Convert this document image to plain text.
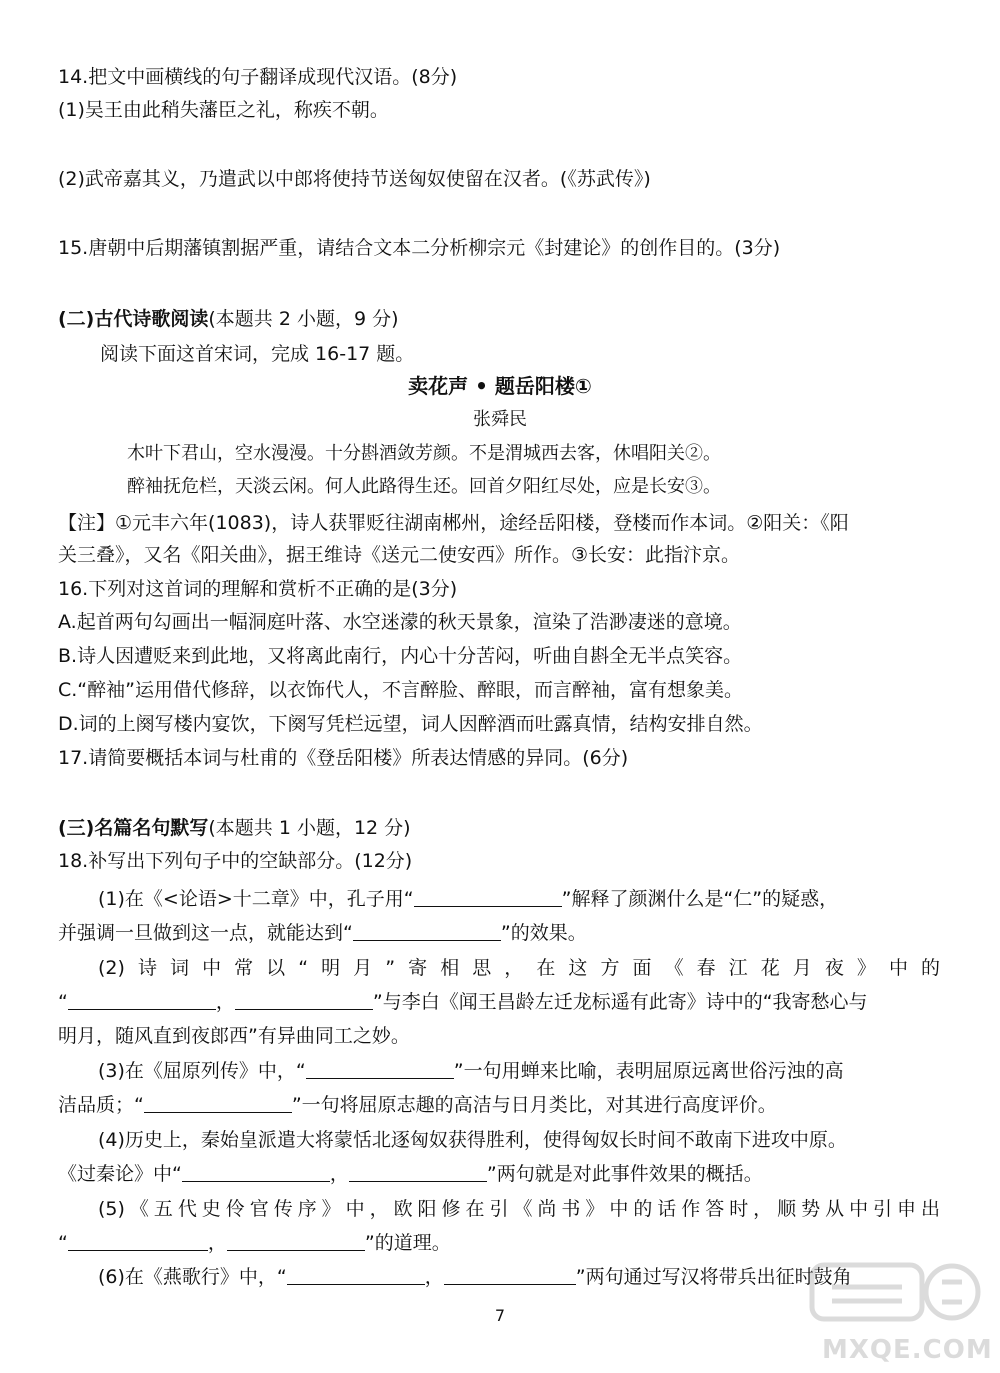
14.把文中画横线的句子翻译成现代汉语。(8分)
(1)吴王由此稍失藩臣之礼，称疾不朝。
(2)武帝嘉其义，乃遣武以中郎将使持节送匈奴使留在汉者。(《苏武传》)
15.唐朝中后期藩镇割据严重，请结合文本二分析柳宗元《封建论》的创作目的。(3分)
(二)古代诗歌阅读(本题共 2 小题，9 分)
阅读下面这首宋词，完成 16-17 题。
卖花声 • 题岳阳楼①
张舜民
木叶下君山，空水漫漫。十分斟酒敛芳颜。不是渭城西去客，休唱阳关②。
醉袖抚危栏，天淡云闲。何人此路得生还。回首夕阳红尽处，应是长安③。
【注】①元丰六年(1083)，诗人获罪贬往湖南郴州，途经岳阳楼，登楼而作本词。②阳关：《阳
关三叠》，又名《阳关曲》，据王维诗《送元二使安西》所作。③长安：此指汴京。
16.下列对这首词的理解和赏析不正确的是(3分)
A.起首两句勾画出一幅洞庭叶落、水空迷濛的秋天景象，渲染了浩渺凄迷的意境。
B.诗人因遭贬来到此地，又将离此南行，内心十分苦闷，听曲自斟全无半点笑容。
C.“醉袖”运用借代修辞，以衣饰代人，不言醉脸、醉眼，而言醉袖，富有想象美。
D.词的上阕写楼内宴饮，下阕写凭栏远望，词人因醉酒而吐露真情，结构安排自然。
17.请简要概括本词与杜甫的《登岳阳楼》所表达情感的异同。(6分)
(三)名篇名句默写(本题共 1 小题，12 分)
18.补写出下列句子中的空缺部分。(12分)
(1)在《<论语>十二章》中，孔子用“	”解释了颜渊什么是“仁”的疑惑，
并强调一旦做到这一点，就能达到“	”的效果。
(2)诗词中常以“明月”寄相思，在这方面《春江花月夜》中的
“	，	”与李白《闻王昌龄左迁龙标遥有此寄》诗中的“我寄愁心与
明月，随风直到夜郎西”有异曲同工之妙。
(3)在《屈原列传》中，“	”一句用蝉来比喻，表明屈原远离世俗污浊的高
洁品质；“	”一句将屈原志趣的高洁与日月类比，对其进行高度评价。
(4)历史上，秦始皇派遣大将蒙恬北逐匈奴获得胜利，使得匈奴长时间不敢南下进攻中原。
《过秦论》中“	，	”两句就是对此事件效果的概括。
(5)《五代史伶官传序》中，欧阳修在引《尚书》中的话作答时，顺势从中引申出
“	，	”的道理。
(6)在《燕歌行》中，“	，	”两句通过写汉将带兵出征时鼓角
7
MXQE.COM
